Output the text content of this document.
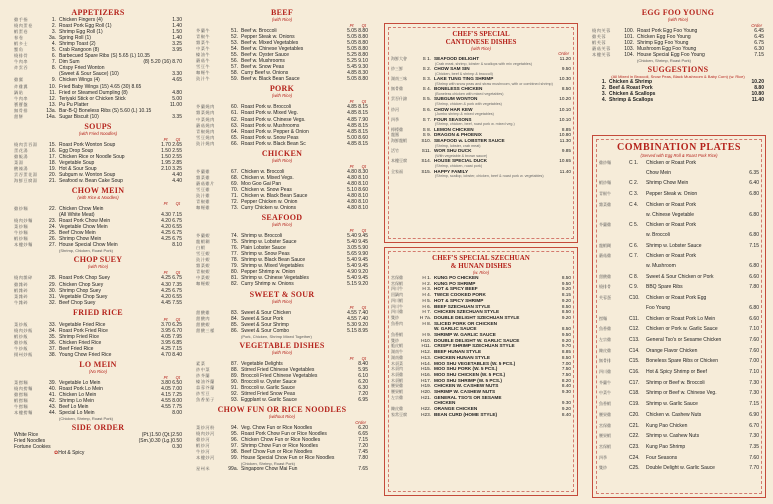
APPETIZERS
雞手指	1. Chicken Fingers (4)	1.30
燒肉蛋卷	2. Roast Pork Egg Roll (1)	1.40
蝦蛋卷	3. Shrimp Egg Roll (1)	1.50
春卷	3a. Spring Roll (1)	1.40
蝦多士	4. Shrimp Toast (2)	3.25
蟹角	5. Crab Rangoon (8)	3.95
燒排骨	6. Barbecued Spare Ribs (S) 5.65 (L) 10.35
牛肉串	7. Dim Sum	(8) 5.20 (16) 8.70
炸雲吞	8. Crispy Fried Wonton
(Sweet & Sour Sauce) (10)	3.30
雞翼	9. Chicken Wings (4)	4.65
炸雞翼	10. Fried Baby Wings (15) 4.65 (30) 8.65
鍋貼	11. Fried or Steamed Dumpling (8)	4.80
牛肉串	12. Teriyaki Stick or Chicken Stick	5.00
寶寶盤	13. Pu Pu Platter	11.00
無骨排	13a. Bar-B-Q Boneless Ribs (S) 5.60 (L) 10.15
甜餅	14a. Sugar Biscuit (10)	3.35
SOUPS
(with Fried Noodles)
Pt Qt
燒肉雲吞湯	15. Roast Pork Wonton Soup	1.70 2.65
蛋花湯	16. Egg Drop Soup	1.50 2.55
雞飯湯	17. Chicken Rice or Noodle Soup	1.50 2.55
菜湯	18. Vegetable Soup	1.95 2.85
酸辣湯	19. Hot & Sour Soup	2.10 3.25
雲吞蛋花湯	20. Subgum w. Wonton Soup	4.40
海鮮豆腐湯	21. Seafood w. Bean Cake Soup	4.40
CHOW MEIN
(with Rice & Noodles)
Pt Qt
雞炒麵	22. Chicken Chow Mein
(All White Meat)	4.30 7.15
燒肉炒麵	23. Roast Pork Chow Mein	4.20 6.75
菜炒麵	24. Vegetable Chow Mein	4.20 6.55
牛炒麵	25. Beef Chow Mein	4.25 6.75
蝦炒麵	26. Shrimp Chow Mein	4.25 6.75
本樓炒麵	27. House Special Chow Mein	8.10
(Shrimp, Chicken, Roast Pork)
CHOP SUEY
(with Rice)
Pt Qt
燒肉雜碎	28. Roast Pork Chop Suey	4.25 6.75
雞雜碎	29. Chicken Chop Suey	4.30 7.35
蝦雜碎	30. Shrimp Chop Suey	4.25 6.75
菜雜碎	31. Vegetable Chop Suey	4.20 6.55
牛雜碎	32. Beef Chop Suey	4.45 7.55
FRIED RICE
Pt Qt
菜炒飯	33. Vegetable Fried Rice	3.70 6.25
燒肉炒飯	34. Roast Pork Fried Rice	3.95 6.70
蝦炒飯	35. Shrimp Fried Rice	4.05 7.95
雞炒飯	36. Chicken Fried Rice	3.95 6.85
牛炒飯	37. Beef Fried Rice	4.25 7.15
揚州炒飯	38. Young Chow Fried Rice	4.70 8.40
LO MEIN
(No Rice)
Pt Qt
菜撈麵	39. Vegetable Lo Mein	3.80 6.50
燒肉撈麵	40. Roast Pork Lo Mein	4.05 7.00
雞撈麵	41. Chicken Lo Mein	4.15 7.25
蝦撈麵	42. Shrimp Lo Mein	4.55 8.00
牛撈麵	43. Beef Lo Mein	4.55 7.75
本樓撈麵	44. Special Lo Mein	8.00
(Chicken, Shrimp, Roast Pork)
SIDE ORDER
White Rice	(Pt.)1.50 (Qt.)2.50
Fried Noodles	(Sm.)0.30 (Lg.)0.50
Fortune Cookies	0.30
✿ Hot & Spicy
BEEF
(with Rice)
Pt Qt
芥蘭牛	51. Beef w. Broccoli	5.05 8.80
青椒牛	52. Pepper Steak w. Onions	5.05 8.80
雜菜牛	53. Beef w. Mixed Vegetables	5.05 8.80
中菜牛	54. Beef w. Chinese Vegetables	5.05 8.80
蠔油牛	55. Beef w. Oyster Sauce	5.25 8.80
蘑菇牛	56. Beef w. Mushrooms	5.25 9.10
雪豆牛	57. Beef w. Snow Peas	5.45 9.30
咖喱牛	58. Curry Beef w. Onions	4.85 8.30
豉汁牛	59. Beef w. Black Bean Sauce	5.05 8.80
PORK
(with Rice)
Pt Qt
芥蘭燒肉	60. Roast Pork w. Broccoli	4.85 8.15
雜菜燒肉	61. Roast Pork w. Mixed Veg.	4.85 8.15
中菜燒肉	62. Roast Pork w. Chinese Vegs.	4.85 7.90
蘑菇燒肉	63. Roast Pork w. Mushrooms	4.85 8.15
青椒燒肉	64. Roast Pork w. Pepper & Onion	4.85 8.15
雪豆燒肉	65. Roast Pork w. Snow Peas	5.00 8.60
豉汁燒肉	66. Roast Pork w. Black Bean Sc	4.85 8.15
CHICKEN
(with Rice)
Pt Qt
芥蘭雞	67. Chicken w. Broccoli	4.80 8.30
雜菜雞	68. Chicken w. Mixed Vegs.	4.80 8.10
蘑菇雞片	69. Moo Goo Gai Pan	4.80 8.10
雪豆雞	70. Chicken w. Snow Peas	5.10 8.60
豉汁雞	71. Chicken w. Black Bean Sauce	4.80 8.10
青椒雞	72. Pepper Chicken w. Onion	4.80 8.10
咖喱雞	73. Curry Chicken w. Onions	4.80 8.10
SEAFOOD
(with Rice)
Pt Qt
芥蘭蝦	74. Shrimp w. Broccoli	5.40 9.45
龍蝦糊	75. Shrimp w. Lobster Sauce	5.40 9.45
白蝦	76. Plain Lobster Sauce	3.05 5.90
雪豆蝦	77. Shrimp w. Snow Peas	5.65 9.90
豉汁蝦	78. Shrimp w. Black Bean Sauce	5.40 9.45
雜菜蝦	79. Shrimp w. Mixed Vegetables	5.40 9.45
青椒蝦	80. Pepper Shrimp w. Onion	4.90 9.20
中菜蝦	81. Shrimp w. Chinese Vegetables	5.40 9.45
咖喱蝦	82. Curry Shrimp w. Onions	5.15 9.20
SWEET & SOUR
(with Rice)
Pt Qt
甜酸雞	83. Sweet & Sour Chicken	4.55 7.40
甜酸肉	84. Sweet & Sour Pork	4.55 7.40
甜酸蝦	85. Sweet & Sour Shrimp	5.30 9.20
甜酸三樣	86. Sweet & Sour Combo	5.15 8.95
(Pork, Chicken, Shrimp Mixed Together)
VEGETABLE DISHES
(with Rice)
Pt Qt
素菜	87. Vegetable Delights	8.40
炒中菜	88. Stirred Fried Chinese Vegetables	5.95
炒芥蘭	89. Broccoli Fried Chinese Vegetables	6.10
蠔油芥蘭	90. Broccoli w. Oyster Sauce	6.20
蒜蓉芥蘭	91. Broccoli w. Garlic Sauce	6.30
炒雪豆	92. Stirred Fried Snow Peas	7.20
魚香茄子	93. Eggplant w. Garlic Sauce	6.95
CHOW FUN OR RICE NOODLES
(without Rice)
Order
菜炒河粉	94. Veg. Chow Fun or Rice Noodles	6.20
燒肉炒河	95. Roast Pork Chow Fun or Rice Noodles	6.65
雞炒河	96. Chicken Chow Fun or Rice Noodles	7.15
蝦炒河	97. Shrimp Chow Fun or Rice Noodles	7.20
牛炒河	98. Beef Chow Fun or Rice Noodles	7.45
本樓炒河	99. House Special Chow Fun or Rice Noodles	7.80
(Chicken, Shrimp, Roast Pork)
星州米	99a. Singapore Chow Mai Fun	7.65
CHEF'S SPECIAL
CANTONESE DISHES
(with Rice)
Order
海鮮大會	S 1. SEAFOOD DELIGHT	11.20
(Crab meat, shrimp, lobster & scallops with mix vegetables)
炒三鮮	S 2. CHOW SAM SIN	9.50
(Chicken, beef & shrimp & broccoli)
湖南三味	S 3. LAKE TUNG TING SHRIMP	10.30
(Shrimp with snow peas and straw mushroom, with or combined shrimp)
無骨雞	S 4. BONELESS CHICKEN	8.50
(Boneless chicken with mixed vegetables)
雲吞什錦	S 5. SUBGUM WONTON	10.20
(Shrimp, chicken & pork with vegetables)
炒河	S 6. CHOW HAR KEW	10.10
(Jumbo shrimp & mixed vegetables)
四季	S 7. FOUR SEASONS	10.10
(Shrimp, chicken, beef, roast pork w. mixed veg.)
檸檬雞	S 8. LEMON CHICKEN	8.85
龍鳳	S 9. DRAGON & PHOENIX	10.80
海鮮龍蝦	S10. SEAFOOD w. LOBSTER SAUCE	11.30
(Shrimp, lobster, crab meat)
活竹	S11. WOR SHU DUCK	9.85
(With vegetable & brown sauce)
本樓豆腐	S14. HOUSE SPECIAL DUCK	10.65
(Shrimp, chicken, roast pork)
全家福	S15. HAPPY FAMILY	11.40
(Shrimp, scallop, lobster, chicken, beef & roast pork w. vegetables)
CHEF'S SPECIAL SZECHUAN
& HUNAN DISHES
(w. Rice)
宮保雞	H 1. KUNG PO CHICKEN	8.50
宮保蝦	H 2. KUNG PO SHRIMP	9.50
四川牛	H 3. HOT & SPICY BEEF	9.20
回鍋肉	H 4. TWICE COOKED PORK	8.15
四川蝦	H 5. HOT & SPICY SHRIMP	9.20
四川牛	H 6. BEEF SZECHUAN STYLE	8.50
四川雞	H 7. CHICKEN SZECHUAN STYLE	8.50
雙炒	H 7a. DOUBLE DELIGHT SZECHUAN STYLE	9.20
魚香肉	H 8. SLICED PORK OR CHICKEN
W. GARLIC SAUCE	8.50
魚香蝦	H 9. SHRIMP W. GARLIC SAUCE	9.50
雙炒	H10. DOUBLE DELIGHT W. GARLIC SAUCE	9.20
脆皮蝦	H11. CRISPY SHRIMP SZECHUAN STYLE	9.70
湖南牛	H12. BEEF HUNAN STYLE	8.85
湖南雞	H13. CHICKEN HUNAN STYLE	8.50
木須菜	H14. MOO SHU VEGETABLES (W. 5 PCS.)	7.00
木須肉	H15. MOO SHU PORK (W. 5 PCS.)	7.50
木須雞	H16. MOO SHU CHICKEN (W. 5 PCS.)	7.50
木須蝦	H17. MOO SHU SHRIMP (W. 5 PCS.)	8.20
腰果雞	H19. CHICKEN W. CASHEW NUTS	8.40
腰果蝦	H20. SHRIMP W. CASHEW NUTS	9.30
左宗雞	H21. GENERAL TSO'S OR SESAME
CHICKEN	9.30
陳皮雞	H22. ORANGE CHICKEN	9.20
家常豆腐	H23. BEAN CURD (HOME STYLE)	8.40
EGG FOO YOUNG
(with Rice)
Order
燒肉芙蓉	100. Roast Pork Egg Foo Young	6.45
雞芙蓉	101. Chicken Egg Foo Young	6.45
蝦芙蓉	102. Shrimp Egg Foo Young	6.75
蘑菇芙蓉	103. Mushroom Egg Foo Young	6.30
本樓芙蓉	104. House Special Egg Foo Young	7.15
(Chicken, Shrimp, Roast Pork)
SUGGESTIONS
(All Mixed in Broccoli, Snow Peas, Black Mushroom & Baby Corn) (w. Rice)
1. Chicken & Shrimp	10.20
2. Beef & Roast Pork	8.80
3. Chicken & Scallops	10.80
4. Shrimp & Scallops	11.40
COMBINATION PLATES
(Served with Egg Roll & Roast Pork Rice)
雞炒麵	C 1.	Chicken or Roast Pork
Chow Mein	6.35
蝦炒麵	C 2.	Shrimp Chow Mein	6.40
青椒牛	C 3.	Pepper Steak w. Onion	6.80
雜菜雞	C 4.	Chicken or Roast Pork
w. Chinese Vegetable	6.80
芥蘭雞	C 5.	Chicken or Roast Pork
w. Broccoli	6.80
龍蝦糊	C 6.	Shrimp w. Lobster Sauce	7.15
蘑菇雞	C 7.	Chicken or Roast Pork
w. Mushroom	6.80
甜酸雞	C 8.	Sweet & Sour Chicken or Pork	6.60
燒排骨	C 9.	BBQ Spare Ribs	7.80
芙蓉蛋	C10.	Chicken or Roast Pork Egg
Foo Young	6.80
撈麵	C11.	Chicken or Roast Pork Lo Mein	6.60
魚香雞	C12.	Chicken or Pork w. Garlic Sauce	7.10
左宗雞	C13.	General Tso's or Sesame Chicken	7.60
陳皮雞	C14.	Orange Flavor Chicken	7.60
無骨排	C15.	Boneless Spare Ribs or Chicken	7.00
四川雞	C16.	Hot & Spicy Shrimp or Beef	7.10
芥蘭牛	C17.	Shrimp or Beef w. Broccoli	7.30
中菜牛	C18.	Shrimp or Beef w. Chinese Veg.	7.30
魚香蝦	C19.	Shrimp w. Garlic Sauce	7.15
腰果雞	C20.	Chicken w. Cashew Nuts	6.90
宮保雞	C21.	Kung Pao Chicken	6.70
腰果蝦	C22.	Shrimp w. Cashew Nuts	7.30
宮保蝦	C23.	Kung Pao Shrimp	7.35
四季	C24.	Four Seasons	7.60
雙炒	C25.	Double Delight w. Garlic Sauce	7.70
